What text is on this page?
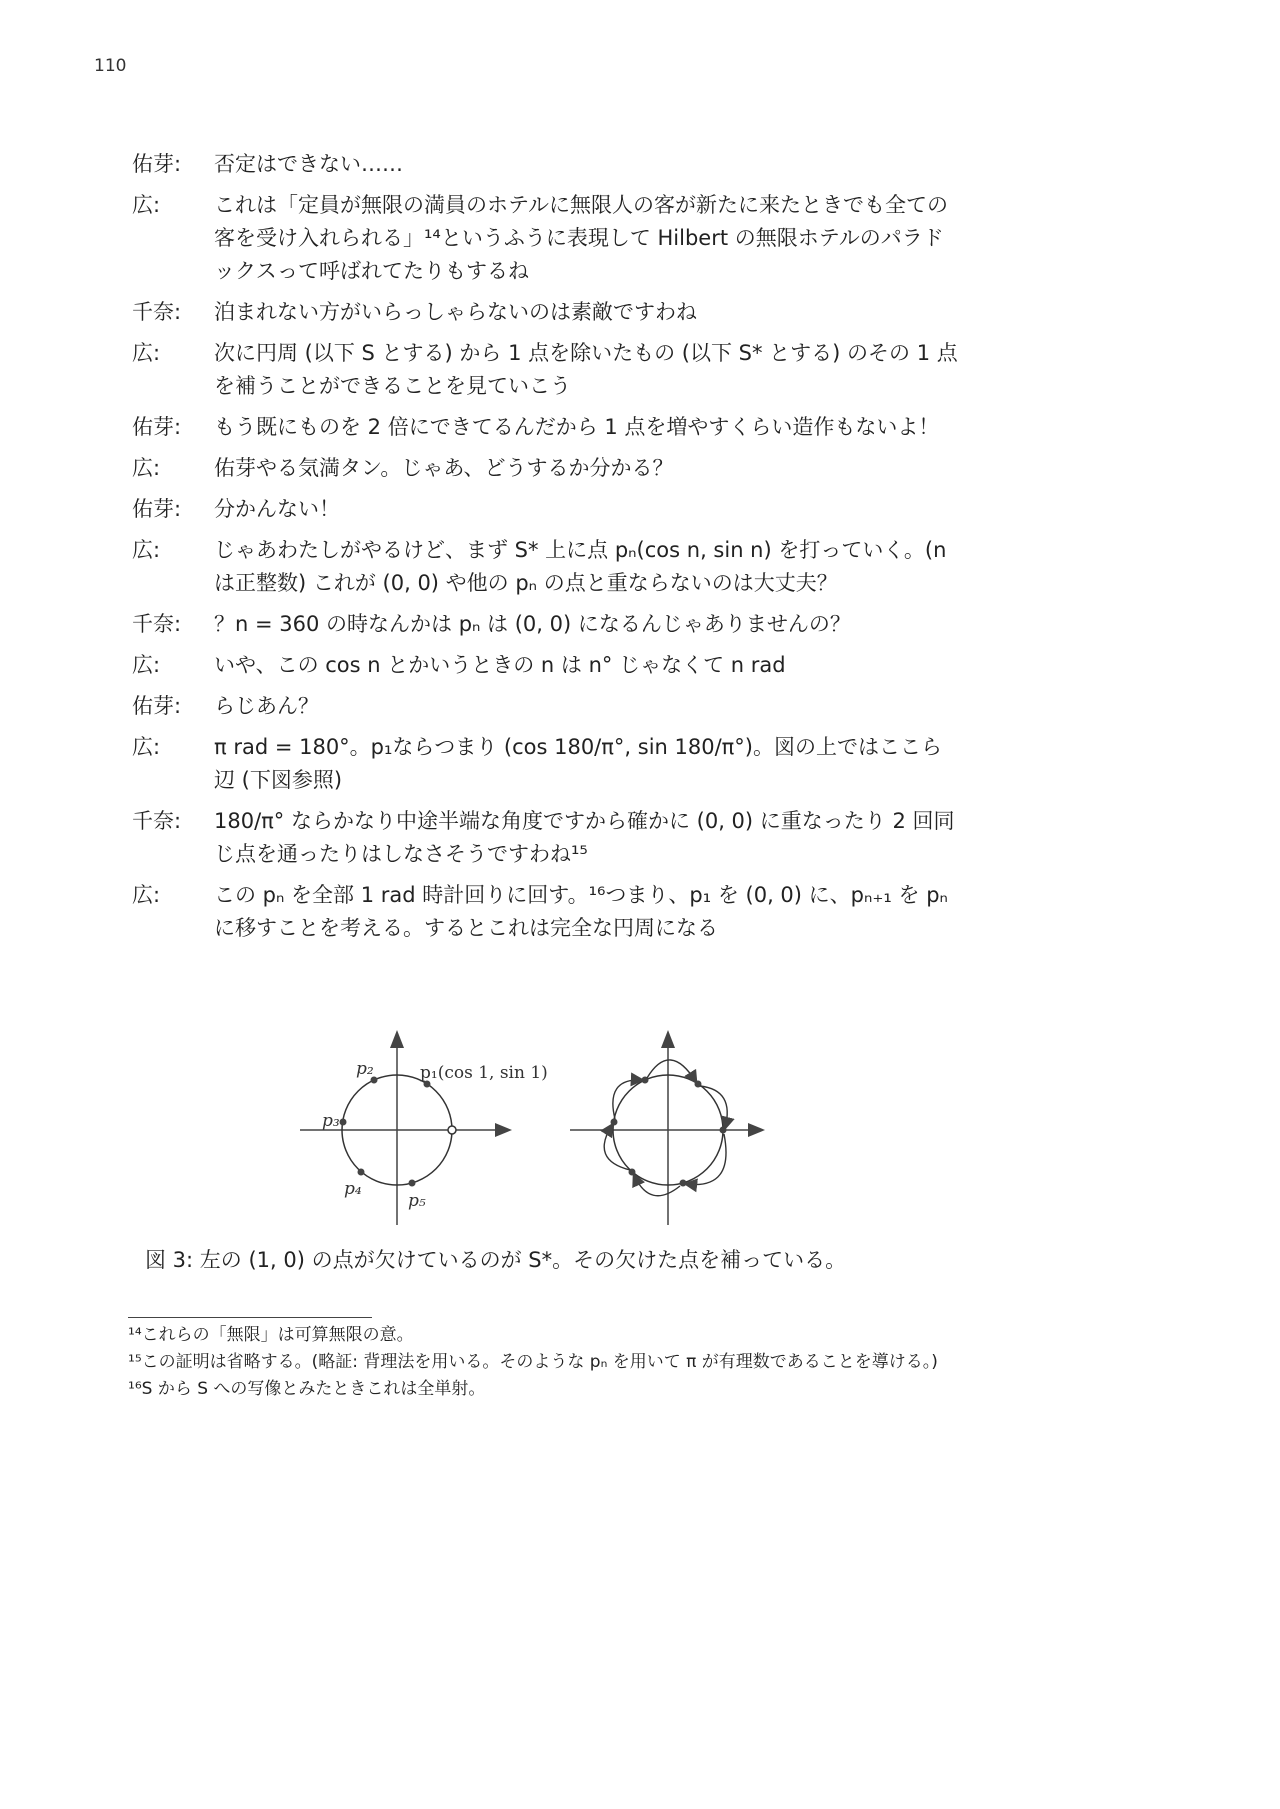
110
佑芽:	否定はできない……
広:	これは「定員が無限の満員のホテルに無限人の客が新たに来たときでも全ての客を受け入れられる」¹⁴というふうに表現して Hilbert の無限ホテルのパラドックスって呼ばれてたりもするね
千奈:	泊まれない方がいらっしゃらないのは素敵ですわね
広:	次に円周 (以下 S とする) から 1 点を除いたもの (以下 S* とする) のその 1 点を補うことができることを見ていこう
佑芽:	もう既にものを 2 倍にできてるんだから 1 点を増やすくらい造作もないよ！
広:	佑芽やる気満タン。じゃあ、どうするか分かる？
佑芽:	分かんない！
広:	じゃあわたしがやるけど、まず S* 上に点 pₙ(cos n, sin n) を打っていく。(n は正整数) これが (0, 0) や他の pₙ の点と重ならないのは大丈夫？
千奈:	？n = 360 の時なんかは pₙ は (0, 0) になるんじゃありませんの？
広:	いや、この cos n とかいうときの n は n° じゃなくて n rad
佑芽:	らじあん？
広:	π rad = 180°。p₁ならつまり (cos 180/π°, sin 180/π°)。図の上ではここら辺 (下図参照)
千奈:	180/π° ならかなり中途半端な角度ですから確かに (0, 0) に重なったり 2 回同じ点を通ったりはしなさそうですわね¹⁵
広:	この pₙ を全部 1 rad 時計回りに回す。¹⁶つまり、p₁ を (0, 0) に、pₙ₊₁ を pₙ に移すことを考える。するとこれは完全な円周になる
p₁(cos 1, sin 1)
p₂
p₃
p₄
p₅
図 3: 左の (1, 0) の点が欠けているのが S*。その欠けた点を補っている。

¹⁴これらの「無限」は可算無限の意。

¹⁵この証明は省略する。(略証: 背理法を用いる。そのような pₙ を用いて π が有理数であることを導ける。)

¹⁶S から S への写像とみたときこれは全単射。
